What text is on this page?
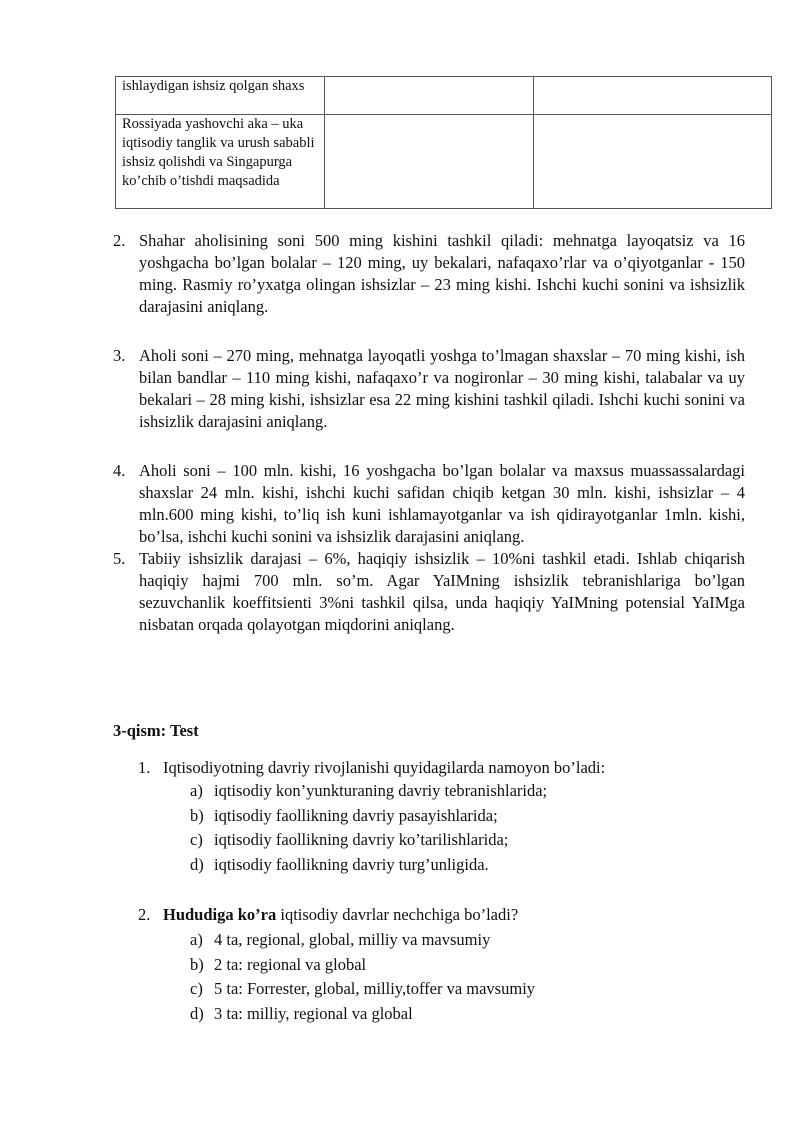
ishlaydigan ishsiz qolgan shaxs		
Rossiyada yashovchi aka – uka iqtisodiy tanglik va urush sababli ishsiz qolishdi va Singapurga ko’chib o’tishdi maqsadida		
2. Shahar aholisining soni 500 ming kishini tashkil qiladi: mehnatga layoqatsiz va 16 yoshgacha bo’lgan bolalar – 120 ming, uy bekalari, nafaqaxo’rlar va o’qiyotganlar - 150 ming. Rasmiy ro’yxatga olingan ishsizlar – 23 ming kishi. Ishchi kuchi sonini va ishsizlik darajasini aniqlang.
3. Aholi soni – 270 ming, mehnatga layoqatli yoshga to’lmagan shaxslar – 70 ming kishi, ish bilan bandlar – 110 ming kishi, nafaqaxo’r va nogironlar – 30 ming kishi, talabalar va uy bekalari – 28 ming kishi, ishsizlar esa 22 ming kishini tashkil qiladi. Ishchi kuchi sonini va ishsizlik darajasini aniqlang.
4. Aholi soni – 100 mln. kishi, 16 yoshgacha bo’lgan bolalar va maxsus muassassalardagi shaxslar 24 mln. kishi, ishchi kuchi safidan chiqib ketgan 30 mln. kishi, ishsizlar – 4 mln.600 ming kishi, to’liq ish kuni ishlamayotganlar va ish qidirayotganlar 1mln. kishi, bo’lsa, ishchi kuchi sonini va ishsizlik darajasini aniqlang.
5. Tabiiy ishsizlik darajasi – 6%, haqiqiy ishsizlik – 10%ni tashkil etadi. Ishlab chiqarish haqiqiy hajmi 700 mln. so’m. Agar YaIMning ishsizlik tebranishlariga bo’lgan sezuvchanlik koeffitsienti 3%ni tashkil qilsa, unda haqiqiy YaIMning potensial YaIMga nisbatan orqada qolayotgan miqdorini aniqlang.
3-qism: Test
1. Iqtisodiyotning davriy rivojlanishi quyidagilarda namoyon bo’ladi:
a) iqtisodiy kon’yunkturaning davriy tebranishlarida;
b) iqtisodiy faollikning davriy pasayishlarida;
c) iqtisodiy faollikning davriy ko’tarilishlarida;
d) iqtisodiy faollikning davriy turg’unligida.
2. Hududiga ko’ra iqtisodiy davrlar nechchiga bo’ladi?
a) 4 ta, regional, global, milliy va mavsumiy
b) 2 ta: regional va global
c) 5 ta: Forrester, global, milliy,toffer va mavsumiy
d) 3 ta: milliy, regional va global
